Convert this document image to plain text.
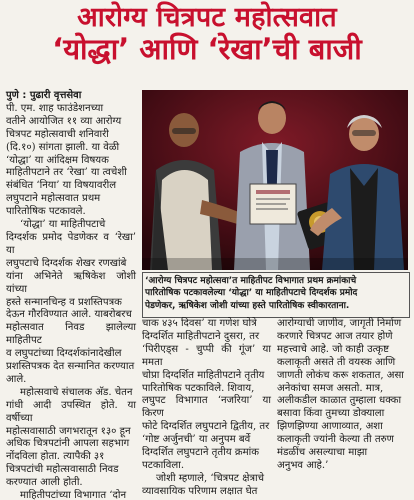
आरोग्य चित्रपट महोत्सवात
‘योद्धा’ आणि ‘रेखा’ची बाजी

पुणे : पुढारी वृत्तसेवा

पी. एम. शाह फाउंडेशनच्या

वतीने आयोजित ११ व्या आरोग्य

चित्रपट महोत्सवाची शनिवारी

(दि.१०) सांगता झाली. या वेळी

‘योद्धा’ या आंदिक्षम विषयक

माहितीपटाने तर ‘रेखा’ या त्वचेशी

संबंधित ‘निया’ या विषयावरील

लघुपटाने महोत्सवात प्रथम

पारितोषिक पटकावले.

‘योद्धा’ या माहितीपटाचे

दिग्दर्शक प्रमोद पेडणेकर व ‘रेखा’ या

लघुपटाचे दिग्दर्शक शेखर रणखांबे

यांना अभिनेते ऋषिकेश जोशी यांच्या

हस्ते सन्मानचिन्ह व प्रशस्तिपत्रक

देऊन गौरविण्यात आले. याबरोबरच

महोत्सवात निवड झालेल्या माहितीपट

व लघुपटांच्या दिग्दर्शकांनादेखील

प्रशस्तिपत्रक देत सन्मानित करण्यात

आले.

महोत्सवाचे संचालक अ‍ॅड. चेतन

गांधी आदी उपस्थित होते. या वर्षीच्या

महोत्सवासाठी जगभरातून १३० हून

अधिक चित्रपटांनी आपला सहभाग

नोंदविला होता. त्यापैकी ३१

चित्रपटांची महोत्सवासाठी निवड

करण्यात आली होती.

माहितीपटांच्या विभागात ‘दोन

‘आरोग्य चित्रपट महोत्सवा’त माहितीपट विभागात प्रथम क्रमांकाचे
पारितोषिक पटकावलेल्या ‘योद्धा’ या माहितीपटाचे दिग्दर्शक प्रमोद
पेडणेकर, ऋषिकेश जोशी यांच्या हस्ते पारितोषिक स्वीकारताना.

चाक ४३५ दिवस’ या गणेश घोत्रे

दिग्दर्शित माहितीपटाने दुसरा, तर

‘पिरीएड्स - चुप्पी की गूंज’ या ममता

चोप्रा दिग्दर्शित माहितीपटाने तृतीय

पारितोषिक पटकाविले. शिवाय,

लघुपट विभागात ‘नजरिया’ या किरण

फोटे दिग्दर्शित लघुपटाने द्वितीय, तर

‘गोष्ट अर्जुनची’ या अनुपम बर्वे

दिग्दर्शित लघुपटाने तृतीय क्रमांक

पटकाविला.

जोशी म्हणाले, ‘चित्रपट क्षेत्राचे

व्यावसायिक परिणाम लक्षात घेत

आरोग्याची जाणीव, जागृती निर्माण

करणारे चित्रपट आज तयार होणे

महत्त्वाचे आहे. जो काही उत्कृष्ट

कलाकृती असते ती वयस्क आणि

जाणती लोकंच करू शकतात, असा

अनेकांचा समज असतो. मात्र,

अलीकडील काळात तुम्हाला धक्का

बसावा किंवा तुमच्या डोक्याला

झिणझिण्या आणाव्यात, अशा

कलाकृती ज्यांनी केल्या ती तरुण

मंडळींच असल्याचा माझा

अनुभव आहे.’
